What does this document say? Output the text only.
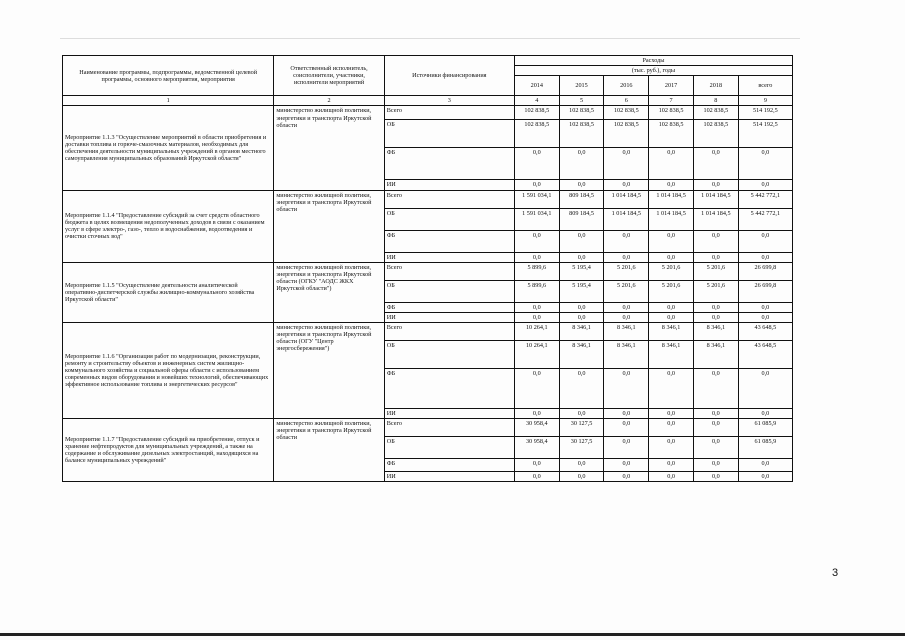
Наименование программы, подпрограммы, ведомственной целевой программы, основного мероприятия, мероприятия	Ответственный исполнитель, соисполнители, участники, исполнители мероприятий	Источники финансирования	Расходы					
			(тыс. руб.), годы					
			2014	2015	2016	2017	2018	всего
1	2	3	4	5	6	7	8	9
Мероприятие 1.1.3 "Осуществление мероприятий в области приобретения и доставки топлива и горюче-смазочных материалов, необходимых для обеспечения деятельности муниципальных учреждений в органов местного самоуправления муниципальных образований Иркутской области"	министерство жилищной политики, энергетики и транспорта Иркутской области	Всего	102 838,5	102 838,5	102 838,5	102 838,5	102 838,5	514 192,5
		ОБ	102 838,5	102 838,5	102 838,5	102 838,5	102 838,5	514 192,5
		ФБ	0,0	0,0	0,0	0,0	0,0	0,0
		ИИ	0,0	0,0	0,0	0,0	0,0	0,0
Мероприятие 1.1.4 "Предоставление субсидий за счет средств областного бюджета в целях возмещения недополученных доходов в связи с оказанием услуг в сфере электро-, газо-, тепло и водоснабжения, водоотведения и очистки сточных вод"	министерство жилищной политики, энергетики и транспорта Иркутской области	Всего	1 591 034,1	809 184,5	1 014 184,5	1 014 184,5	1 014 184,5	5 442 772,1
		ОБ	1 591 034,1	809 184,5	1 014 184,5	1 014 184,5	1 014 184,5	5 442 772,1
		ФБ	0,0	0,0	0,0	0,0	0,0	0,0
		ИИ	0,0	0,0	0,0	0,0	0,0	0,0
Мероприятие 1.1.5 "Осуществление деятельности аналитической оперативно-диспетчерской службы жилищно-коммунального хозяйства Иркутской области"	министерство жилищной политики, энергетики и транспорта Иркутской области (ОГКУ "АОДС ЖКХ Иркутской области")	Всего	5 899,6	5 195,4	5 201,6	5 201,6	5 201,6	26 699,8
		ОБ	5 899,6	5 195,4	5 201,6	5 201,6	5 201,6	26 699,8
		ФБ	0,0	0,0	0,0	0,0	0,0	0,0
		ИИ	0,0	0,0	0,0	0,0	0,0	0,0
Мероприятие 1.1.6 "Организация работ по модернизации, реконструкции, ремонту и строительству объектов и инженерных систем жилищно-коммунального хозяйства и социальной сферы области с использованием современных видов оборудования и новейших технологий, обеспечивающих эффективное использование топлива и энергетических ресурсов"	министерство жилищной политики, энергетики и транспорта Иркутской области (ОГУ "Центр энергосбережения")	Всего	10 264,1	8 346,1	8 346,1	8 346,1	8 346,1	43 648,5
		ОБ	10 264,1	8 346,1	8 346,1	8 346,1	8 346,1	43 648,5
		ФБ	0,0	0,0	0,0	0,0	0,0	0,0
		ИИ	0,0	0,0	0,0	0,0	0,0	0,0
Мероприятие 1.1.7 "Предоставление субсидий на приобретение, отпуск и хранение нефтепродуктов для муниципальных учреждений, а также на содержание и обслуживание дизельных электростанций, находящихся на балансе муниципальных учреждений"	министерство жилищной политики, энергетики и транспорта Иркутской области	Всего	30 958,4	30 127,5	0,0	0,0	0,0	61 085,9
		ОБ	30 958,4	30 127,5	0,0	0,0	0,0	61 085,9
		ФБ	0,0	0,0	0,0	0,0	0,0	0,0
		ИИ	0,0	0,0	0,0	0,0	0,0	0,0
3
